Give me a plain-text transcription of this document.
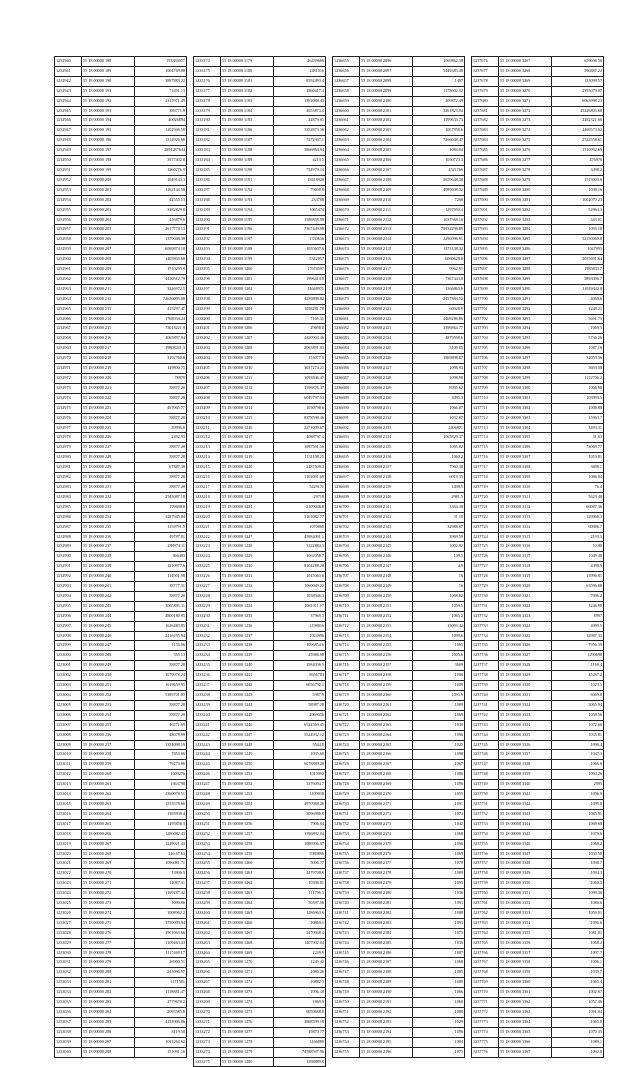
1232940	55 18 00000 188	193384057
1232941	55 18 00000 189	1004769.88
1232942	55 18 00000 190	3897883.22
1232943	55 18 00000 191	71491.13
1232944	55 18 00000 192	2315971.49
1232945	55 18 00000 193	389771.8
1232946	55 18 00000 194	40026894
1232947	55 18 00000 195	1102946.59
1232948	55 18 00000 196	1314926.68
1232949	55 18 00000 197	2891287644
1232950	55 18 00000 198	3977402.0
1232951	55 18 00000 199	1260276.9
1232952	55 18 00000 200	1049143.3
1232953	55 18 00000 201	1162144.58
1232954	55 18 00000 202	42555.13
1232955	55 18 00000 203	3182829.8
1232956	55 18 00000 204	416879.6
1232957	55 18 00000 205	2617774.13
1232958	55 18 00000 206	1379048.38
1232959	55 18 00000 207	6069874.18
1232960	55 18 00000 208	1405803.68
1232961	55 18 00000 209	1710295.9
1232962	55 18 00000 210	4450512.79
1232963	55 18 00000 211	3226972.5
1232964	55 18 00000 212	72656095.08
1232965	55 18 00000 213	415297.47
1232966	55 18 00000 214	1768934.24
1232967	55 18 00000 215	73018221.9
1232968	55 18 00000 216	4065897.94
1232969	55 18 00000 217	19808241.3
1232970	55 18 00000 218	3192760.8
1232971	55 18 00000 219	129800.75
1232972	55 18 00000 220	78879
1232973	55 18 00000 221	58877.28
1232974	55 18 00000 222	58877.28
1232975	55 18 00000 223	497005.77
1232976	55 18 00000 224	58877.28
1232977	55 18 00000 225	39996.8
1232978	55 18 00000 226	2492.93
1232979	55 18 00000 227	58877.28
1232980	55 18 00000 228	58877.28
1232981	55 18 00000 229	67887.38
1232982	55 18 00000 230	58877.28
1232983	55 18 00000 231	58877.28
1232984	55 18 00000 232	2545087.18
1232985	55 18 00000 233	199698.8
1232986	55 18 00000 234	3287945.84
1232987	55 18 00000 235	1139791.5
1232988	55 18 00000 236	49787.81
1232989	55 18 00000 237	288974.11
1232990	55 18 00000 238	366483
1232991	55 18 00000 239	1210977.6
1232992	55 18 00000 240	114901.98
1232993	55 18 00000 241	38777.31
1232994	55 18 00000 242	58877.28
1232995	55 18 00000 243	3065891.11
1232996	55 18 00000 244	4800180.95
1232997	55 18 00000 245	1626483.85
1232998	55 18 00000 246	2416195.94
1232999	55 18 00000 247	1153.06
1233000	55 18 00000 248	355.13
1233001	55 18 00000 249	58877.28
1233002	55 18 00000 250	1079978.24
1233003	55 18 00000 251	1019659.95
1233004	55 18 00000 252	5389701.85
1233005	55 18 00000 253	58877.28
1233006	55 18 00000 254	58877.28
1233007	55 18 00000 255	46571.69
1233008	55 18 00000 256	48078.99
1233009	55 18 00000 257	1354098.19
1233010	55 18 00000 258	7853.66
1233011	55 18 00000 259	79273.86
1233012	55 18 00000 260	1609276
1233013	55 18 00000 261	1363798
1233014	55 18 00000 262	2360078.51
1233015	55 18 00000 263	1555578.66
1233016	55 18 00000 264	1395938.4
1233017	55 18 00000 265	1295858.3
1233018	55 18 00000 266	1286082.43
1233019	55 18 00000 267	1249021.43
1233020	55 18 00000 268	246.67.63
1233021	55 18 00000 269	1096081.71
1233022	55 18 00000 270	13906.3
1233023	55 18 00000 271	14087.31
1233024	55 18 00000 272	1169287.42
1233025	55 18 00000 273	1090.86
1233026	55 18 00000 274	1008962.2
1233027	55 18 00000 275	3759009.94
1233028	55 18 00000 276	3901063.66
1233029	55 18 00000 277	1109463.43
1233030	55 18 00000 278	1117469.17
1233031	55 18 00000 279	26900.51
1233032	55 18 00000 280	241096.97
1233033	55 18 00000 281	1171581
1233034	55 18 00000 282	1158881.47
1233035	55 18 00000 283	2779670.2
1233036	55 18 00000 284	2093585.8
1233037	55 18 00000 285	4153906.86
1233038	55 18 00000 286	8119.50
1233039	55 18 00000 287	1011264.62
1233040	55 18 00000 288	151091.16
1233174	55 18 00000 1179	26439606
1233175	55 18 00000 1180	2481016
1233176	55 18 00000 1181	8592493.4
1233177	55 18 00000 1182	1860417.4
1233178	55 18 00000 1183	1392088.43
1233179	55 18 00000 1184	4653873.4
1233180	55 18 00000 1185	22879.01
1233181	55 18 00000 1186	3352873.36
1233182	55 18 00000 1187	7272307.1
1233183	55 18 00000 1188	5866864.94
1233184	55 18 00000 1189	4213.5
1233185	55 18 00000 1190	754979.14
1233186	55 18 00000 1191	18418928
1233187	55 18 00000 1192	79698.8
1233188	55 18 00000 1193	233788
1233189	55 18 00000 1194	1065474
1233190	55 18 00000 1195	1586858.99
1233191	55 18 00000 1196	7367449.98
1233192	55 18 00000 1197	1330636
1233193	55 18 00000 1198	1055607.6
1233194	55 18 00000 1199	5342057
1233195	55 18 00000 1200	17674597
1233196	55 18 00000 1201	1996414.8
1233197	55 18 00000 1202	14648971
1233198	55 18 00000 1203	4239898.82
1233199	55 18 00000 1204	1058281.78
1233200	55 18 00000 1205	7169.31
1233201	55 18 00000 1206	29698.8
1233202	55 18 00000 1207	4420904.46
1233203	55 18 00000 1208	2065891.03
1233204	55 18 00000 1209	153077.0
1233205	55 18 00000 1210	3057274.21
1233206	55 18 00000 1211	1093846.47
1233207	55 18 00000 1212	1596876.37
1233208	55 18 00000 1213	6049797.53
1233209	55 18 00000 1214	1050798.6
1233210	55 18 00000 1215	8378598.46
1233211	55 18 00000 1216	2271099.67
1233212	55 18 00000 1217	4088797.4
1233213	55 18 00000 1218	1087591.56
1233214	55 18 00000 1219	1131108.25
1233215	55 18 00000 1220	2487509.3
1233216	55 18 00000 1221	1102091.69
1233217	55 18 00000 1222	5429171
1233218	55 18 00000 1223	29718
1233219	55 18 00000 1224	2109046.8
1233220	55 18 00000 1225	3161082.77
1233221	55 18 00000 1226	1070869
1233222	55 18 00000 1227	45984091.1
1233223	55 18 00000 1228	3122884.3
1233224	55 18 00000 1229	1062058.7
1233225	55 18 00000 1230	8104288.28
1233226	55 18 00000 1231	1045063.6
1233227	55 18 00000 1232	1060049.22
1233228	55 18 00000 1233	1038946.3
1233229	55 18 00000 1234	1081011.57
1233230	55 18 00000 1235	37969.3
1233231	55 18 00000 1236	2198016
1233232	55 18 00000 1237	1024996
1233233	55 18 00000 1238	1096854.6
1233234	55 18 00000 1239	45986.98
1233235	55 18 00000 1240	2984036.5
1233236	55 18 00000 1241	8656783
1233237	55 18 00000 1242	6056792.1
1233238	55 18 00000 1243	5987.9
1233239	55 18 00000 1244	58987.28
1233240	55 18 00000 1245	2069356
1233241	55 18 00000 1246	6522569.45
1233242	55 18 00000 1247	5524932.12
1233243	55 18 00000 1248	5544.8
1233244	55 18 00000 1249	1035.60
1233245	55 18 00000 1250	6078889.28
1233246	55 18 00000 1251	1010092
1233247	55 18 00000 1252	3376094.7
1233248	55 18 00000 1253	1109038
1233249	55 18 00000 1254	4970988.26
1233250	55 18 00000 1255	3096986.8
1233251	55 18 00000 1256	7906.84
1233252	55 18 00000 1257	1396892.04
1233253	55 18 00000 1258	1086996.97
1233254	55 18 00000 1259	5989896
1233255	55 18 00000 1260	5096.77
1233256	55 18 00000 1261	4479708.6
1233257	55 18 00000 1262	10398.81
1233258	55 18 00000 1263	111796.3
1233259	55 18 00000 1264	50397.96
1233260	55 18 00000 1265	1286963.6
1233261	55 18 00000 1266	10869.1
1233262	55 18 00000 1267	2470948.4
1233263	55 18 00000 1268	1407902.04
1233264	55 18 00000 1269	2239.9
1233265	55 18 00000 1270	1249.42
1233266	55 18 00000 1271	1086.26
1233267	55 18 00000 1272	10882.3
1233268	55 18 00000 1273	1096.40
1233269	55 18 00000 1274	1869.9
1233270	55 18 00000 1275	6059688.8
1233271	55 18 00000 1276	3868599.18
1233272	55 18 00000 1277	19870.77
1233273	55 18 00000 1278	3166888
1233274	55 18 00000 1279	74588597.96
1233275	55 18 00000 1280	1398889.8
1236655	55 18 00000 2096	1069862.38
1236656	55 18 00000 2097	5449383.48
1236657	55 18 00000 2098	1487
1236658	55 18 00000 2099	1178602.32
1236659	55 18 00000 2100	209872.49
1236660	55 18 00000 2101	3261823.04
1236661	55 18 00000 2102	1599633.73
1236662	55 18 00000 2103	1067958.6
1236663	55 18 00000 2104	7266048.47
1236664	55 18 00000 2105	1084.04
1236665	55 18 00000 2106	1050723.3
1236666	55 18 00000 2107	4521766
1236667	55 18 00000 2108	5659648.38
1236668	55 18 00000 2109	4989698.32
1236669	55 18 00000 2110	7268
1236670	55 18 00000 2111	1297950.4
1236671	55 18 00000 2112	1037368.16
1236672	55 18 00000 2113	78932298.89
1236673	55 18 00000 2114	2296996.91
1236674	55 18 00000 2115	1373138.32
1236675	55 18 00000 2116	6060628.8
1236676	55 18 00000 2117	9962.91
1236677	55 18 00000 2118	7367443.8
1236678	55 18 00000 2119	1366863.6
1236679	55 18 00000 2120	2457884.52
1236680	55 18 00000 2121	60928.9
1236681	55 18 00000 2122	4469286.86
1236682	55 18 00000 2123	3396864.77
1236683	55 18 00000 2124	4879598.6
1236684	55 18 00000 2125	3109.05
1236685	55 18 00000 2126	1869898.87
1236686	55 18 00000 2127	1098.93
1236687	55 18 00000 2128	1098.98
1236688	55 18 00000 2129	8995.62
1236689	55 18 00000 2130	3095.3
1236690	55 18 00000 2131	1066.07
1236691	55 18 00000 2132	1032.87
1236692	55 18 00000 2133	2406871
1236693	55 18 00000 2134	1065829.37
1236694	55 18 00000 2135	1095.02
1236695	55 18 00000 2136	1060.2
1236696	55 18 00000 2137	7960.38
1236697	55 18 00000 2138	6019.35
1236698	55 18 00000 2139	1498.5
1236699	55 18 00000 2140	2981.5
1236700	55 18 00000 2141	3364.38
1236701	55 18 00000 2142	31.10
1236702	55 18 00000 2143	32988.07
1236703	55 18 00000 2144	3969.59
1236704	55 18 00000 2145	1002.92
1236705	55 18 00000 2146	109.5
1236706	55 18 00000 2147	4.9
1236707	55 18 00000 2148	16
1236708	55 18 00000 2149	16
1236709	55 18 00000 2150	1068.82
1236710	55 18 00000 2151	1059.5
1236711	55 18 00000 2152	1065.2
1236712	55 18 00000 2153	13093.42
1236713	55 18 00000 2154	1099.6
1236714	55 18 00000 2155	1065
1236715	55 18 00000 2156	1005.6
1236716	55 18 00000 2157	3609
1236717	55 18 00000 2158	1006
1236718	55 18 00000 2159	1009
1236719	55 18 00000 2160	1095.9
1236720	55 18 00000 2161	1089
1236721	55 18 00000 2162	1069
1236722	55 18 00000 2163	1030
1236723	55 18 00000 2164	1096
1236724	55 18 00000 2165	1025
1236725	55 18 00000 2166	1098
1236726	55 18 00000 2167	1067
1236727	55 18 00000 2168	1086
1236728	55 18 00000 2169	1096
1236729	55 18 00000 2170	1055
1236730	55 18 00000 2171	1091
1236731	55 18 00000 2172	1073
1236732	55 18 00000 2173	1042
1236733	55 18 00000 2174	1068
1236734	55 18 00000 2175	1096
1236735	55 18 00000 2176	1069
1236736	55 18 00000 2177	1070
1236737	55 18 00000 2178	1089
1236738	55 18 00000 2179	1095
1236739	55 18 00000 2180	1036
1236740	55 18 00000 2181	1093
1236741	55 18 00000 2182	1088
1236742	55 18 00000 2183	1093
1236743	55 18 00000 2184	1075
1236744	55 18 00000 2185	1036
1236745	55 18 00000 2186	1087
1236746	55 18 00000 2187	1068
1236747	55 18 00000 2188	1085
1236748	55 18 00000 2189	1089
1236749	55 18 00000 2190	1066
1236750	55 18 00000 2191	1060
1236751	55 18 00000 2192	1088
1236752	55 18 00000 2193	1029
1236753	55 18 00000 2194	1096
1236754	55 18 00000 2195	1084
1236755	55 18 00000 2196	1075
1237676	55 18 00000 3267	659696.56
1237677	55 18 00000 3268	596887.22
1237678	55 18 00000 3269	133099.57
1237679	55 18 00000 3270	2395079.07
1237680	55 18 00000 3271	6063998.23
1237681	55 18 00000 3272	45226803.68
1237682	55 18 00000 3273	2282321.66
1237683	55 18 00000 3274	4469573.62
1237684	55 18 00000 3275	2722558.61
1237685	55 18 00000 3276	1510992.69
1237686	55 18 00000 3277	476976
1237687	55 18 00000 3278	3498.2
1237688	55 18 00000 3279	1513003.6
1237689	55 18 00000 3280	1039.16
1237690	55 18 00000 3281	1002070.23
1237691	55 18 00000 3282	52964.3
1237692	55 18 00000 3283	343.01
1237693	55 18 00000 3284	1093.18
1237694	55 18 00000 3285	52150060.8
1237695	55 18 00000 3286	1047995
1237696	55 18 00000 3287	3055691.64
1237697	55 18 00000 3288	1985833.7
1237698	55 18 00000 3289	5893096.7
1237699	55 18 00000 3290	11039442.8
1237700	55 18 00000 3291	4069.6
1237701	55 18 00000 3292	1248.21
1237702	55 18 00000 3293	5691.75
1237703	55 18 00000 3294	1069.5
1237704	55 18 00000 3295	5736.26
1237705	55 18 00000 3296	1087.16
1237706	55 18 00000 3297	32059.36
1237707	55 18 00000 3298	5693.58
1237708	55 18 00000 3299	1112706.2
1237709	55 18 00000 3300	1066.98
1237710	55 18 00000 3301	103993.5
1237711	55 18 00000 3302	1006.88
1237712	55 18 00000 3303	15963.7
1237713	55 18 00000 3304	3493.31
1237714	55 18 00000 3305	31.63
1237715	55 18 00000 3306	73069.77
1237716	55 18 00000 3307	1053.81
1237717	55 18 00000 3308	3698.1
1237718	55 18 00000 3309	1086.04
1237719	55 18 00000 3310	76.4
1237720	55 18 00000 3311	5623.48
1237721	55 18 00000 3312	66087.36
1237722	55 18 00000 3313	129968.3
1237723	55 18 00000 3314	60986.7
1237724	55 18 00000 3315	2193.5
1237725	55 18 00000 3316	10.80
1237726	55 18 00000 3317	1049.48
1237727	55 18 00000 3318	4398.9
1237728	55 18 00000 3319	13996.81
1237729	55 18 00000 3320	63596.08
1237730	55 18 00000 3321	7096.2
1237731	55 18 00000 3322	3246.98
1237732	55 18 00000 3323	8997
1237733	55 18 00000 3324	4099.5
1237734	55 18 00000 3325	12987.33
1237735	55 18 00000 3326	7956.39
1237736	55 18 00000 3327	1290698
1237737	55 18 00000 3328	1169.4
1237738	55 18 00000 3329	45287.2
1237739	55 18 00000 3330	1023.5
1237740	55 18 00000 3331	6069.8
1237741	55 18 00000 3332	3065.94
1237742	55 18 00000 3333	1058.56
1237743	55 18 00000 3334	1072.66
1237744	55 18 00000 3335	1035.81
1237745	55 18 00000 3336	1096.4
1237746	55 18 00000 3337	1047.3
1237747	55 18 00000 3338	1066.6
1237748	55 18 00000 3339	1094.26
1237749	55 18 00000 3340	2995
1237750	55 18 00000 3341	1096.9
1237751	55 18 00000 3342	1099.8
1237752	55 18 00000 3343	1085.91
1237753	55 18 00000 3344	1069.68
1237754	55 18 00000 3345	1079.6
1237755	55 18 00000 3346	1068.2
1237756	55 18 00000 3347	1030.58
1237757	55 18 00000 3348	1098.7
1237758	55 18 00000 3349	1094.3
1237759	55 18 00000 3350	1060.5
1237760	55 18 00000 3351	1099.36
1237761	55 18 00000 3352	1086.6
1237762	55 18 00000 3353	1059.01
1237763	55 18 00000 3354	1096.6
1237764	55 18 00000 3355	1081.81
1237765	55 18 00000 3356	1068.2
1237766	55 18 00000 3357	1097.7
1237767	55 18 00000 3358	1006.1
1237768	55 18 00000 3359	1039.7
1237769	55 18 00000 3360	1065.4
1237770	55 18 00000 3361	1002.67
1237771	55 18 00000 3362	1057.46
1237772	55 18 00000 3363	1091.04
1237773	55 18 00000 3364	1065.8
1237774	55 18 00000 3365	1070.35
1237775	55 18 00000 3366	1089.1
1237776	55 18 00000 3367	1092.8
